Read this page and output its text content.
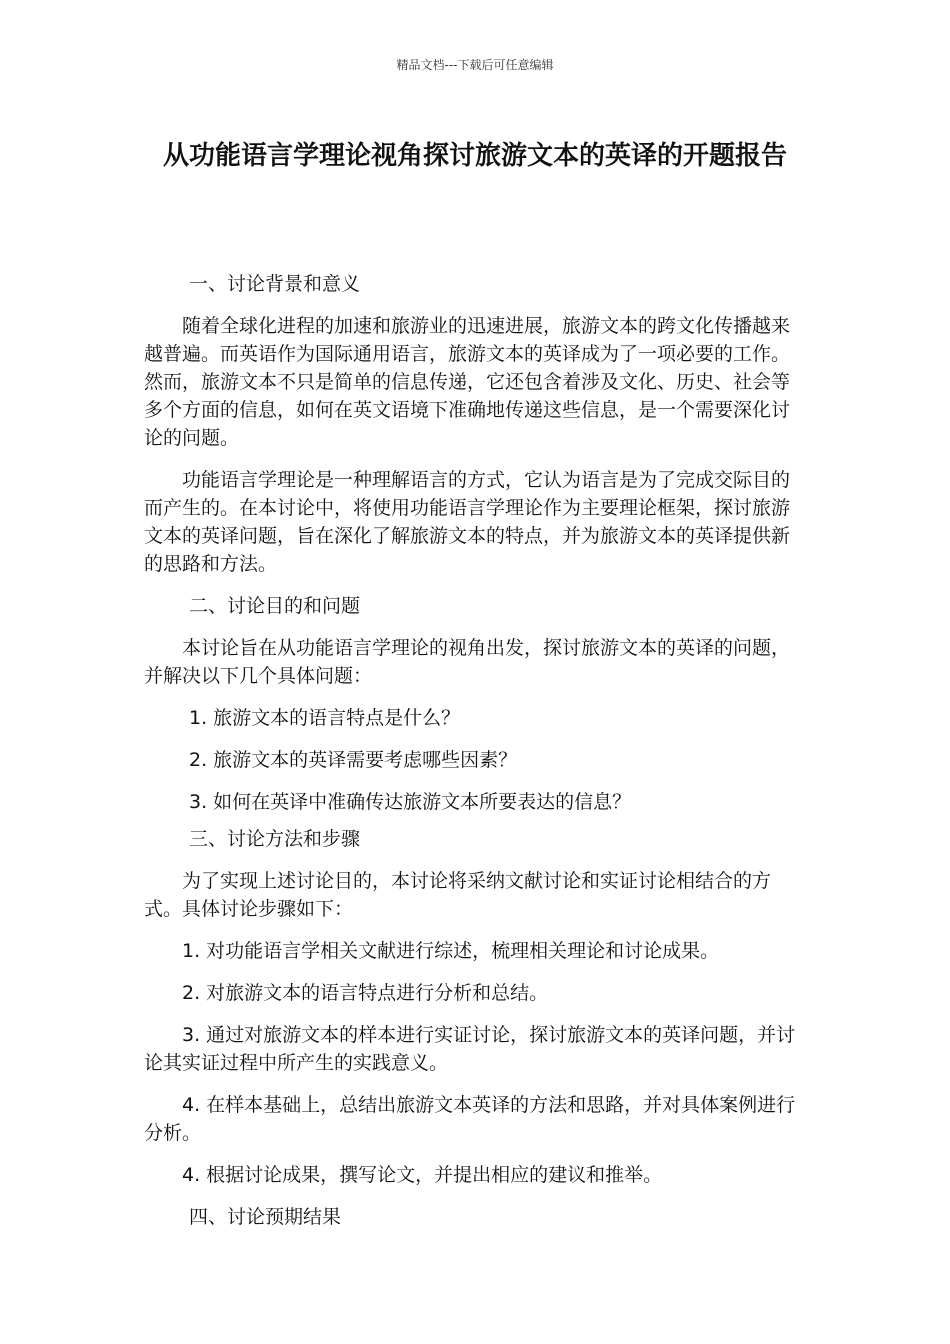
精品文档---下载后可任意编辑
从功能语言学理论视角探讨旅游文本的英译的开题报告

一、讨论背景和意义

随着全球化进程的加速和旅游业的迅速进展，旅游文本的跨文化传播越来越普遍。而英语作为国际通用语言，旅游文本的英译成为了一项必要的工作。然而，旅游文本不只是简单的信息传递，它还包含着涉及文化、历史、社会等多个方面的信息，如何在英文语境下准确地传递这些信息，是一个需要深化讨论的问题。

功能语言学理论是一种理解语言的方式，它认为语言是为了完成交际目的而产生的。在本讨论中，将使用功能语言学理论作为主要理论框架，探讨旅游文本的英译问题，旨在深化了解旅游文本的特点，并为旅游文本的英译提供新的思路和方法。

二、讨论目的和问题

本讨论旨在从功能语言学理论的视角出发，探讨旅游文本的英译的问题，并解决以下几个具体问题：

1. 旅游文本的语言特点是什么？

2. 旅游文本的英译需要考虑哪些因素？

3. 如何在英译中准确传达旅游文本所要表达的信息？

三、讨论方法和步骤

为了实现上述讨论目的，本讨论将采纳文献讨论和实证讨论相结合的方式。具体讨论步骤如下：

1. 对功能语言学相关文献进行综述，梳理相关理论和讨论成果。

2. 对旅游文本的语言特点进行分析和总结。

3. 通过对旅游文本的样本进行实证讨论，探讨旅游文本的英译问题，并讨论其实证过程中所产生的实践意义。

4. 在样本基础上，总结出旅游文本英译的方法和思路，并对具体案例进行分析。

4. 根据讨论成果，撰写论文，并提出相应的建议和推举。

四、讨论预期结果
